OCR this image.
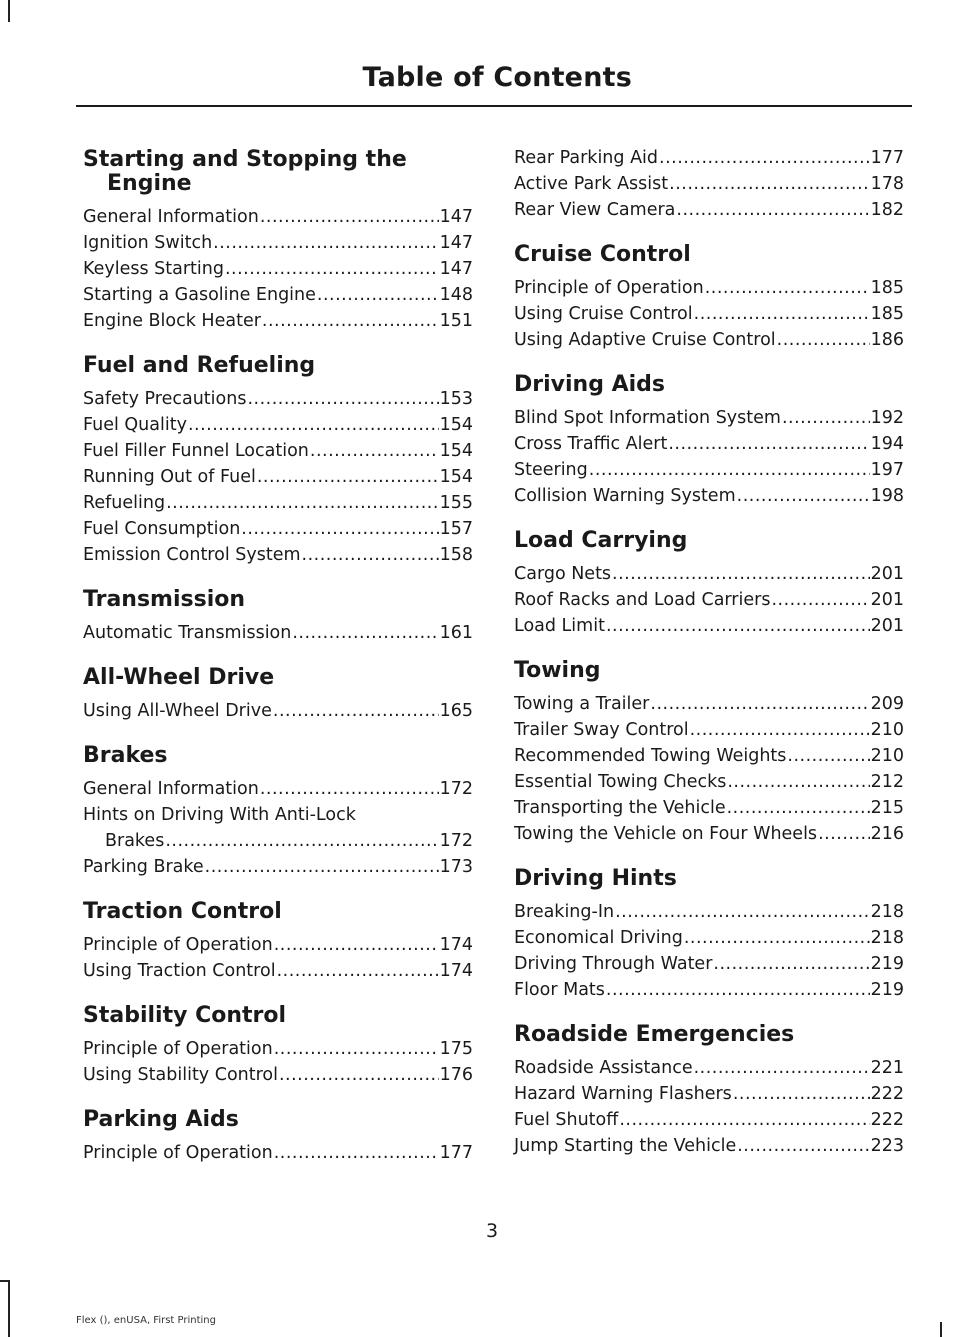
Table of Contents
Starting and Stopping the Engine
General Information .....	147
Ignition Switch .....	147
Keyless Starting .....	147
Starting a Gasoline Engine .....	148
Engine Block Heater .....	151
Fuel and Refueling
Safety Precautions .....	153
Fuel Quality .....	154
Fuel Filler Funnel Location .....	154
Running Out of Fuel .....	154
Refueling .....	155
Fuel Consumption .....	157
Emission Control System .....	158
Transmission
Automatic Transmission .....	161
All-Wheel Drive
Using All-Wheel Drive .....	165
Brakes
General Information .....	172
Hints on Driving With Anti-Lock
Brakes .....	172
Parking Brake .....	173
Traction Control
Principle of Operation .....	174
Using Traction Control .....	174
Stability Control
Principle of Operation .....	175
Using Stability Control .....	176
Parking Aids
Principle of Operation .....	177
Rear Parking Aid .....	177
Active Park Assist .....	178
Rear View Camera .....	182
Cruise Control
Principle of Operation .....	185
Using Cruise Control .....	185
Using Adaptive Cruise Control .....	186
Driving Aids
Blind Spot Information System .....	192
Cross Traffic Alert .....	194
Steering .....	197
Collision Warning System .....	198
Load Carrying
Cargo Nets .....	201
Roof Racks and Load Carriers .....	201
Load Limit .....	201
Towing
Towing a Trailer .....	209
Trailer Sway Control .....	210
Recommended Towing Weights .....	210
Essential Towing Checks .....	212
Transporting the Vehicle .....	215
Towing the Vehicle on Four Wheels .....	216
Driving Hints
Breaking-In .....	218
Economical Driving .....	218
Driving Through Water .....	219
Floor Mats .....	219
Roadside Emergencies
Roadside Assistance .....	221
Hazard Warning Flashers .....	222
Fuel Shutoff .....	222
Jump Starting the Vehicle .....	223
3
Flex (), enUSA, First Printing
